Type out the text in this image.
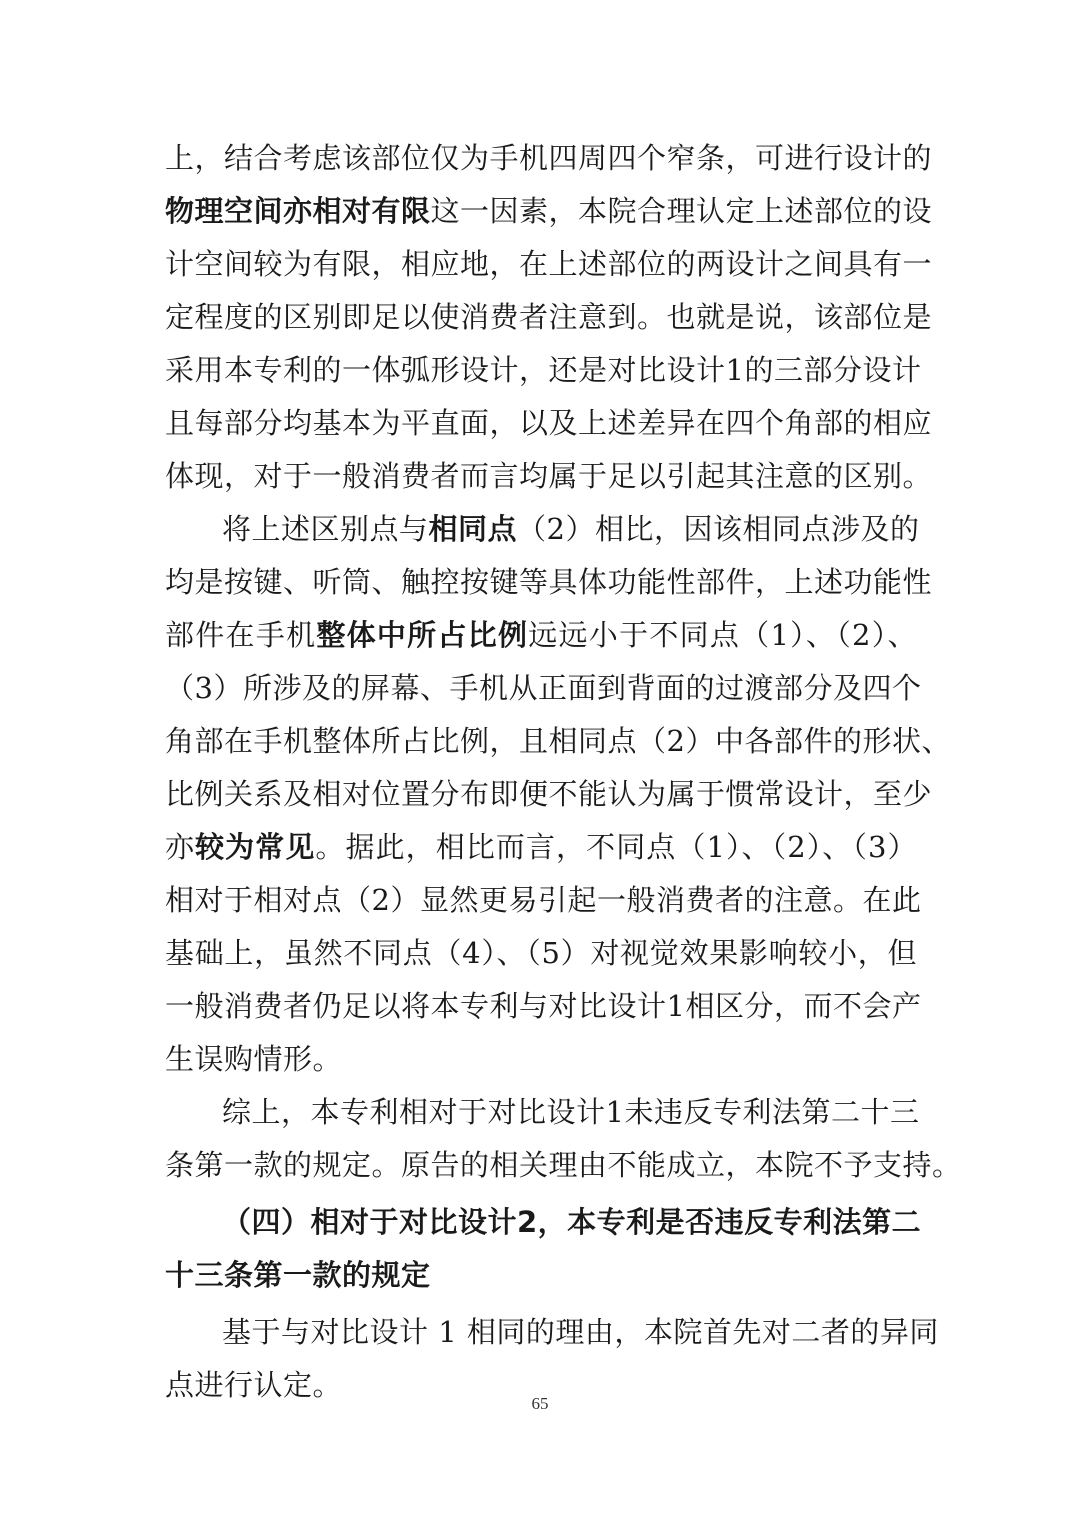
上，结合考虑该部位仅为手机四周四个窄条，可进行设计的
物理空间亦相对有限这一因素，本院合理认定上述部位的设
计空间较为有限，相应地，在上述部位的两设计之间具有一
定程度的区别即足以使消费者注意到。也就是说，该部位是
采用本专利的一体弧形设计，还是对比设计1的三部分设计
且每部分均基本为平直面，以及上述差异在四个角部的相应
体现，对于一般消费者而言均属于足以引起其注意的区别。
将上述区别点与相同点（2）相比，因该相同点涉及的
均是按键、听筒、触控按键等具体功能性部件，上述功能性
部件在手机整体中所占比例远远小于不同点（1）、（2）、
（3）所涉及的屏幕、手机从正面到背面的过渡部分及四个
角部在手机整体所占比例，且相同点（2）中各部件的形状、
比例关系及相对位置分布即便不能认为属于惯常设计，至少
亦较为常见。据此，相比而言，不同点（1）、（2）、（3）
相对于相对点（2）显然更易引起一般消费者的注意。在此
基础上，虽然不同点（4）、（5）对视觉效果影响较小，但
一般消费者仍足以将本专利与对比设计1相区分，而不会产
生误购情形。
综上，本专利相对于对比设计1未违反专利法第二十三
条第一款的规定。原告的相关理由不能成立，本院不予支持。
（四）相对于对比设计2，本专利是否违反专利法第二
十三条第一款的规定
基于与对比设计 1 相同的理由，本院首先对二者的异同
点进行认定。
65
